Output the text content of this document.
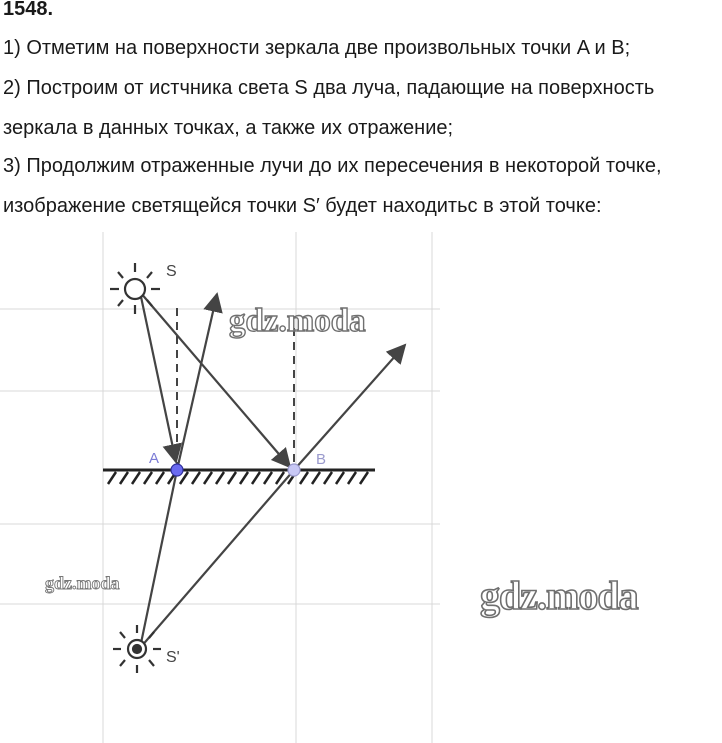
1548.
1) Отметим на поверхности зеркала две произвольных точки A и B;
2) Построим от истчника света S два луча, падающие на поверхность
зеркала в данных точках, а также их отражение;
3) Продолжим отраженные лучи до их пересечения в некоторой точке,
изображение светящейся точки S′ будет находитьс в этой точке:
S
S'
A	B
gdz.moda
gdz.moda	gdz.moda
